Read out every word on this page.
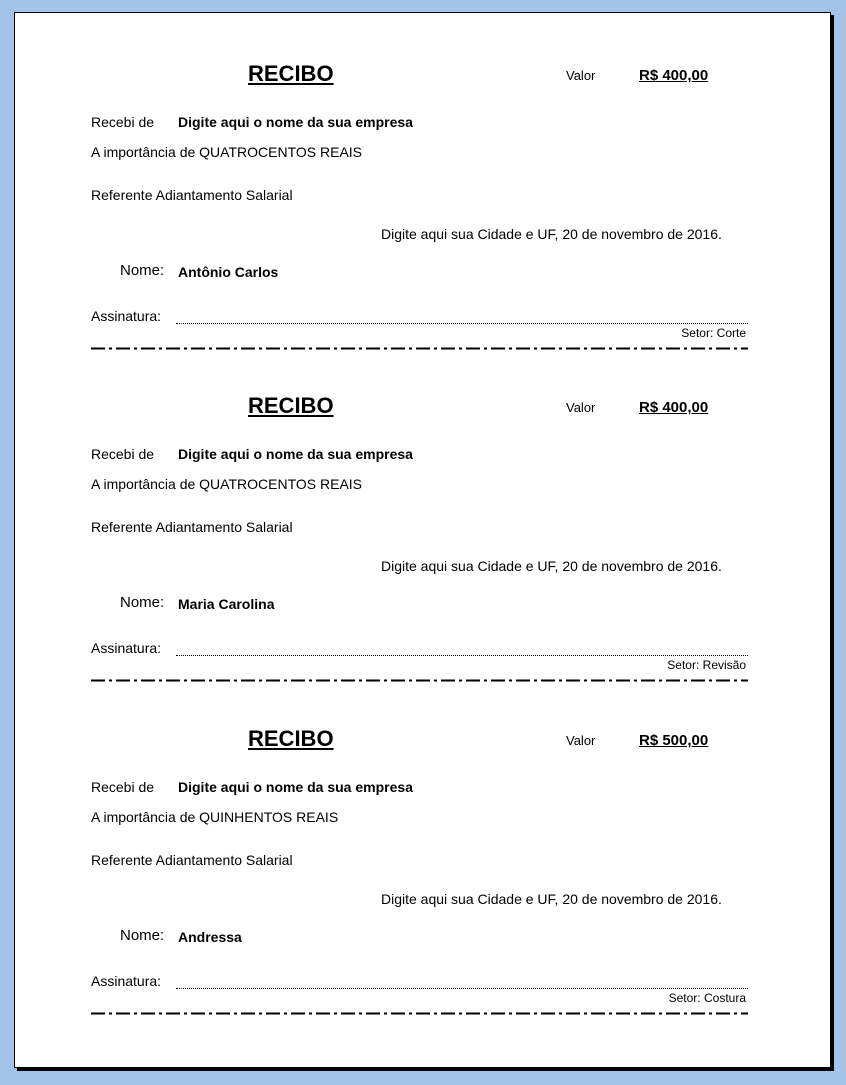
RECIBO	Valor	R$ 400,00
Recebi de Digite aqui o nome da sua empresa
A importância de QUATROCENTOS REAIS
Referente Adiantamento Salarial
Digite aqui sua Cidade e UF, 20 de novembro de 2016.
Nome: Antônio Carlos
Assinatura:
Setor: Corte
RECIBO	Valor	R$ 400,00
Recebi de Digite aqui o nome da sua empresa
A importância de QUATROCENTOS REAIS
Referente Adiantamento Salarial
Digite aqui sua Cidade e UF, 20 de novembro de 2016.
Nome: Maria Carolina
Assinatura:
Setor: Revisão
RECIBO	Valor	R$ 500,00
Recebi de Digite aqui o nome da sua empresa
A importância de QUINHENTOS REAIS
Referente Adiantamento Salarial
Digite aqui sua Cidade e UF, 20 de novembro de 2016.
Nome: Andressa
Assinatura:
Setor: Costura
